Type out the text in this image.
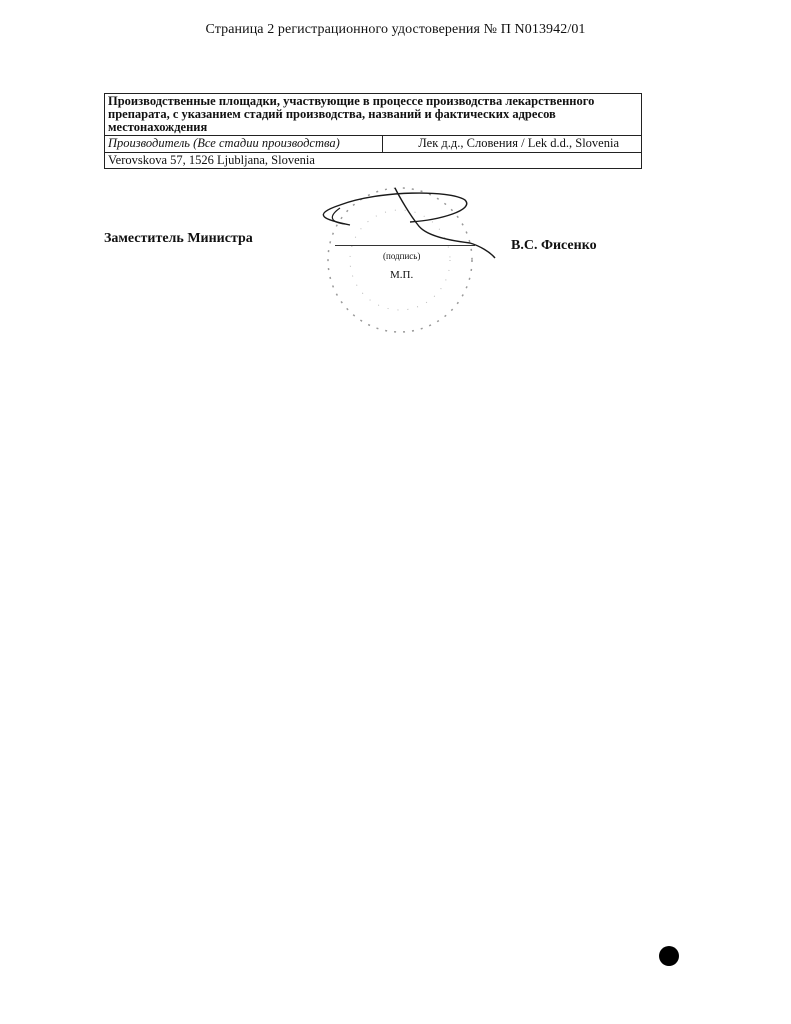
Страница 2 регистрационного удостоверения № П N013942/01
Производственные площадки, участвующие в процессе производства лекарственного препарата, с указанием стадий производства, названий и фактических адресов местонахождения
Производитель (Все стадии производства)	Лек д.д., Словения / Lek d.d., Slovenia
Verovskova 57, 1526 Ljubljana, Slovenia
Заместитель Министра
(подпись)
М.П.
В.С. Фисенко
